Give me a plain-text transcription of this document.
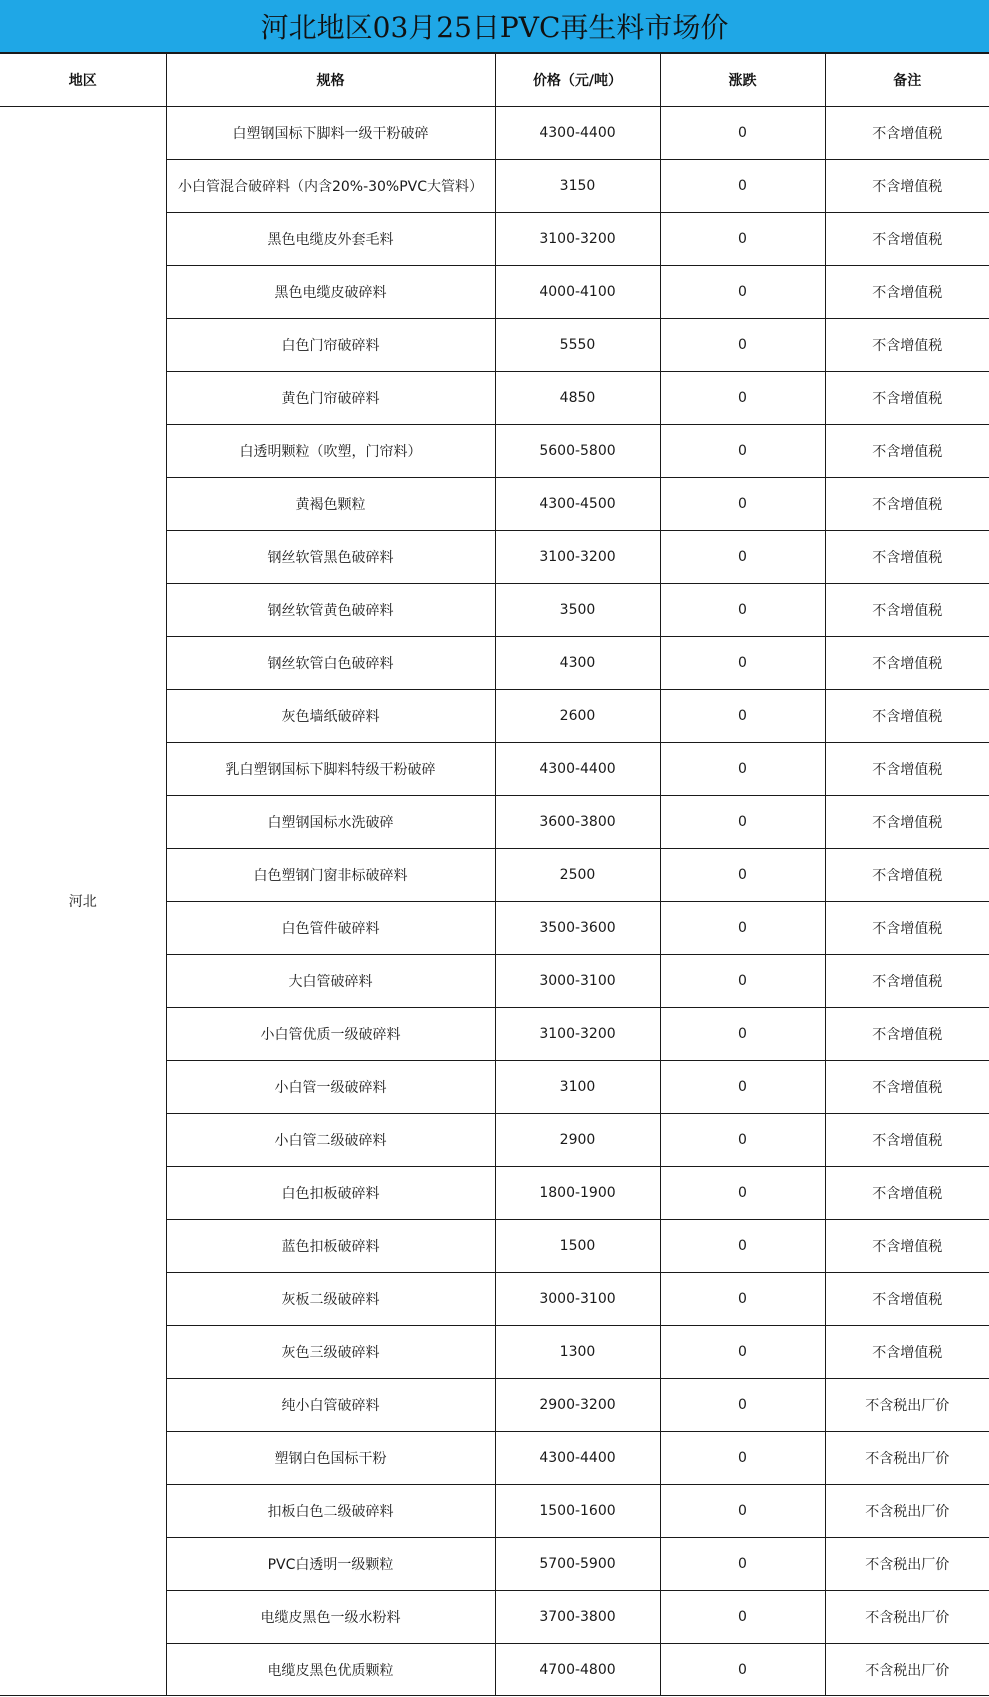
河北地区03月25日PVC再生料市场价
地区	规格	价格（元/吨）	涨跌	备注
河北	白塑钢国标下脚料一级干粉破碎	4300-4400	0	不含增值税
	小白管混合破碎料（内含20%-30%PVC大管料）	3150	0	不含增值税
	黑色电缆皮外套毛料	3100-3200	0	不含增值税
	黑色电缆皮破碎料	4000-4100	0	不含增值税
	白色门帘破碎料	5550	0	不含增值税
	黄色门帘破碎料	4850	0	不含增值税
	白透明颗粒（吹塑，门帘料）	5600-5800	0	不含增值税
	黄褐色颗粒	4300-4500	0	不含增值税
	钢丝软管黑色破碎料	3100-3200	0	不含增值税
	钢丝软管黄色破碎料	3500	0	不含增值税
	钢丝软管白色破碎料	4300	0	不含增值税
	灰色墙纸破碎料	2600	0	不含增值税
	乳白塑钢国标下脚料特级干粉破碎	4300-4400	0	不含增值税
	白塑钢国标水洗破碎	3600-3800	0	不含增值税
	白色塑钢门窗非标破碎料	2500	0	不含增值税
	白色管件破碎料	3500-3600	0	不含增值税
	大白管破碎料	3000-3100	0	不含增值税
	小白管优质一级破碎料	3100-3200	0	不含增值税
	小白管一级破碎料	3100	0	不含增值税
	小白管二级破碎料	2900	0	不含增值税
	白色扣板破碎料	1800-1900	0	不含增值税
	蓝色扣板破碎料	1500	0	不含增值税
	灰板二级破碎料	3000-3100	0	不含增值税
	灰色三级破碎料	1300	0	不含增值税
	纯小白管破碎料	2900-3200	0	不含税出厂价
	塑钢白色国标干粉	4300-4400	0	不含税出厂价
	扣板白色二级破碎料	1500-1600	0	不含税出厂价
	PVC白透明一级颗粒	5700-5900	0	不含税出厂价
	电缆皮黑色一级水粉料	3700-3800	0	不含税出厂价
	电缆皮黑色优质颗粒	4700-4800	0	不含税出厂价
